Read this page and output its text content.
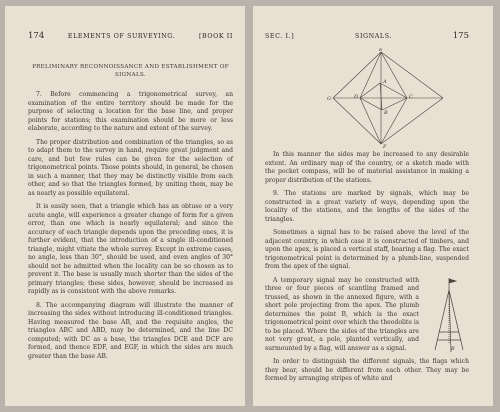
174	ELEMENTS OF SURVEYING.	[BOOK II
PRELIMINARY RECONNOISSANCE AND ESTABLISHMENT OF
SIGNALS.

7. Before commencing a trigonometrical survey, an examination of the entire territory should be made for the purpose of selecting a location for the base line, and proper points for stations; this examination should be more or less elaborate, according to the nature and extent of the survey.

The proper distribution and combination of the triangles, so as to adapt them to the survey in hand, require great judgment and care, and but few rules can be given for the selection of trigonometrical points. Those points should, in general, be chosen in such a manner, that they may be distinctly visible from each other, and so that the triangles formed, by uniting them, may be as nearly as possible equilateral.

It is easily seen, that a triangle which has an obtuse or a very acute angle, will experience a greater change of form for a given error, than one which is nearly equilateral; and since the accuracy of each triangle depends upon the preceding ones, it is further evident, that the introduction of a single ill-conditioned triangle, might vitiate the whole survey. Except in extreme cases, no angle, less than 30°, should be used, and even angles of 30° should not be admitted when the locality can be so chosen as to prevent it. The base is usually much shorter than the sides of the primary triangles; these sides, however, should be increased as rapidly as is consistent with the above remarks.

8. The accompanying diagram will illustrate the manner of increasing the sides without introducing ill-conditioned triangles. Having measured the base AB, and the requisite angles, the triangles ABC and ABD, may be determined, and the line DC computed; with DC as a base, the triangles DCE and DCF are formed, and thence EDF, and EGF, in which the sides are much greater than the base AB.

SEC. I.]	SIGNALS.	175
E
D	C
A
B
G
F

In this manner the sides may be increased to any desirable extent. An ordinary map of the country, or a sketch made with the pocket compass, will be of material assistance in making a proper distribution of the stations.

9. The stations are marked by signals, which may be constructed in a great variety of ways, depending upon the locality of the stations, and the lengths of the sides of the triangles.

Sometimes a signal has to be raised above the level of the adjacent country, in which case it is constructed of timbers, and upon the apex, is placed a vertical staff, bearing a flag. The exact trigonometrical point is determined by a plumb-line, suspended from the apex of the signal.

A temporary signal may be constructed with three or four pieces of scantling framed and trussed, as shown in the annexed figure, with a short pole projecting from the apex. The plumb determines the point B, which is the exact trigonometrical point over which the theodolite is to be placed. Where the sides of the triangles are not very great, a pole, planted vertically, and surmounted by a flag, will answer as a signal.

In order to distinguish the different signals, the flags which they bear, should be different from each other. They may be formed by arranging stripes of white and

B
